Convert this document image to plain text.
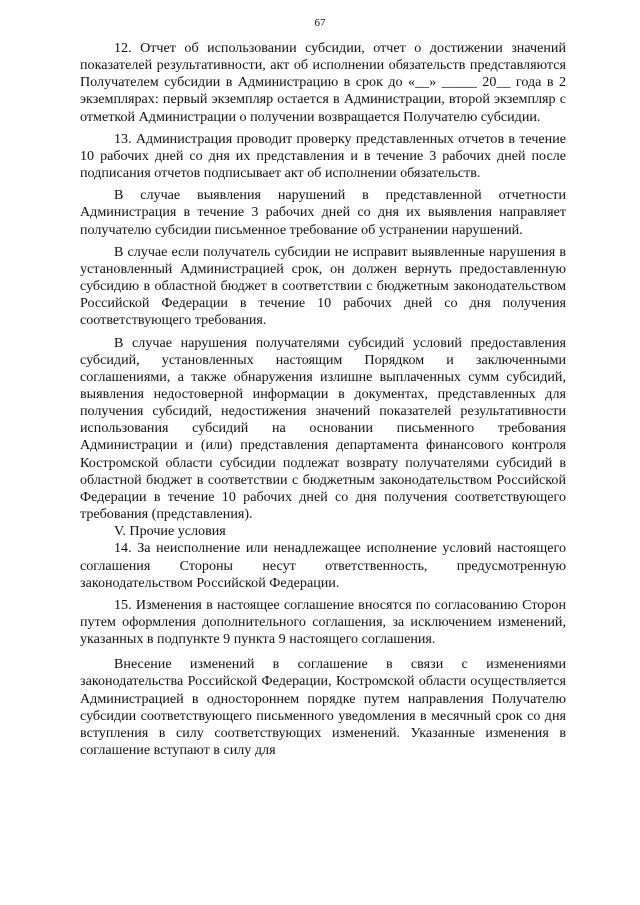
67

12. Отчет об использовании субсидии, отчет о достижении значений показателей результативности, акт об исполнении обязательств представляются Получателем субсидии в Администрацию в срок до «__» _____ 20__ года в 2 экземплярах: первый экземпляр остается в Администрации, второй экземпляр с отметкой Администрации о получении возвращается Получателю субсидии.

13. Администрация проводит проверку представленных отчетов в течение 10 рабочих дней со дня их представления и в течение 3 рабочих дней после подписания отчетов подписывает акт об исполнении обязательств.

В случае выявления нарушений в представленной отчетности Администрация в течение 3 рабочих дней со дня их выявления направляет получателю субсидии письменное требование об устранении нарушений.

В случае если получатель субсидии не исправит выявленные нарушения в установленный Администрацией срок, он должен вернуть предоставленную субсидию в областной бюджет в соответствии с бюджетным законодательством Российской Федерации в течение 10 рабочих дней со дня получения соответствующего требования.

В случае нарушения получателями субсидий условий предоставления субсидий, установленных настоящим Порядком и заключенными соглашениями, а также обнаружения излишне выплаченных сумм субсидий, выявления недостоверной информации в документах, представленных для получения субсидий, недостижения значений показателей результативности использования субсидий на основании письменного требования Администрации и (или) представления департамента финансового контроля Костромской области субсидии подлежат возврату получателями субсидий в областной бюджет в соответствии с бюджетным законодательством Российской Федерации в течение 10 рабочих дней со дня получения соответствующего требования (представления).

V. Прочие условия

14. За неисполнение или ненадлежащее исполнение условий настоящего соглашения Стороны несут ответственность, предусмотренную законодательством Российской Федерации.

15. Изменения в настоящее соглашение вносятся по согласованию Сторон путем оформления дополнительного соглашения, за исключением изменений, указанных в подпункте 9 пункта 9 настоящего соглашения.

Внесение изменений в соглашение в связи с изменениями законодательства Российской Федерации, Костромской области осуществляется Администрацией в одностороннем порядке путем направления Получателю субсидии соответствующего письменного уведомления в месячный срок со дня вступления в силу соответствующих изменений. Указанные изменения в соглашение вступают в силу для
